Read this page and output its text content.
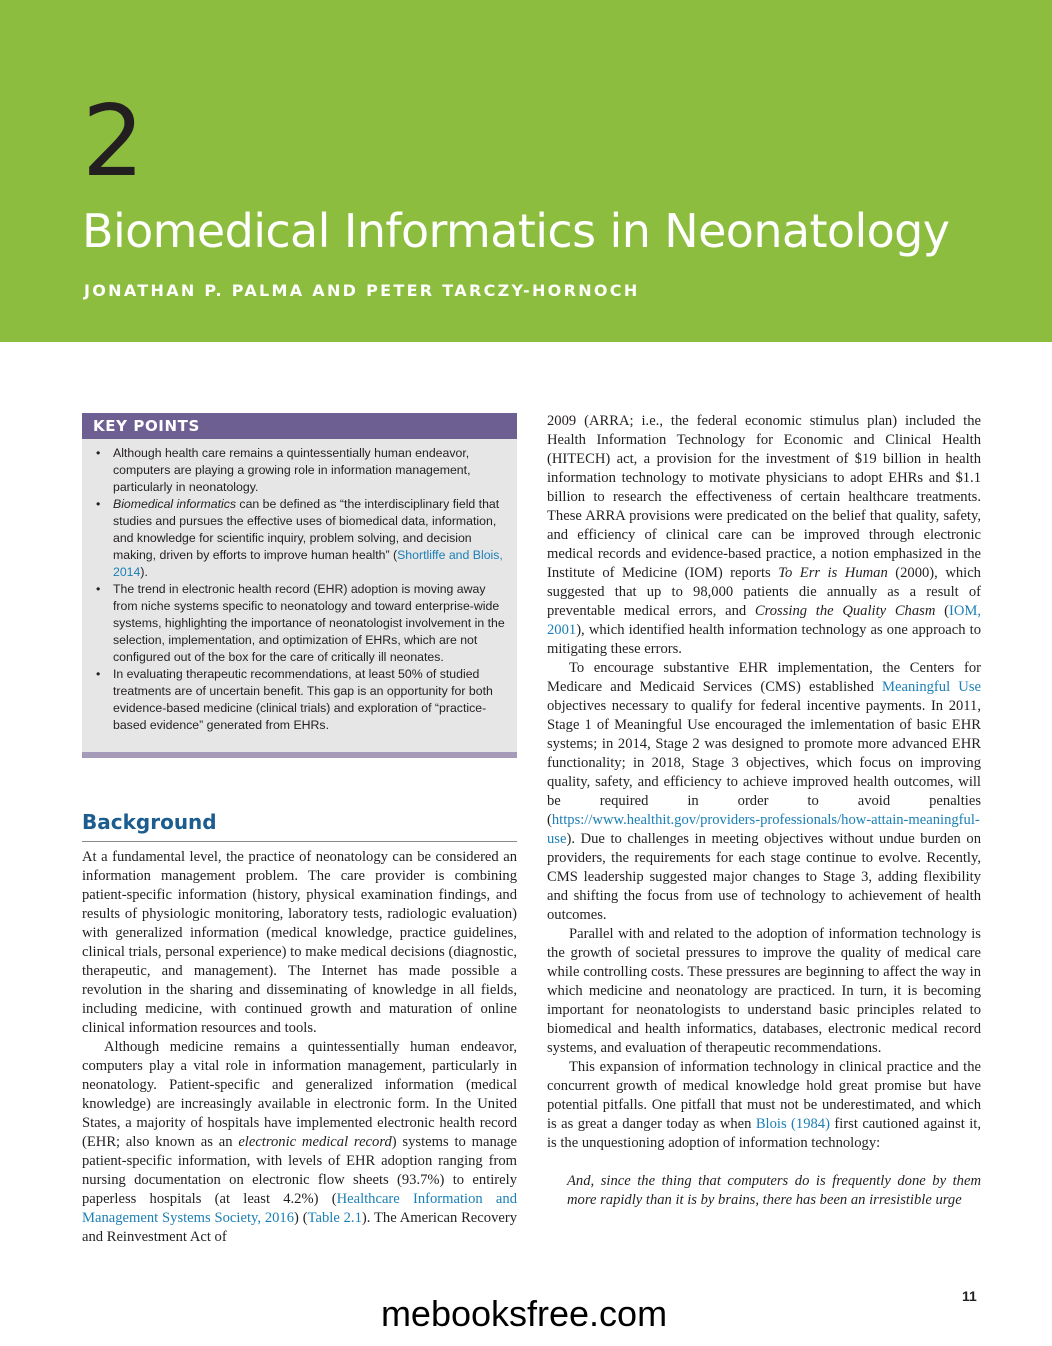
2
Biomedical Informatics in Neonatology
JONATHAN P. PALMA AND PETER TARCZY-HORNOCH
KEY POINTS
• Although health care remains a quintessentially human endeavor, computers are playing a growing role in information management, particularly in neonatology.
• Biomedical informatics can be defined as “the interdisciplinary field that studies and pursues the effective uses of biomedical data, information, and knowledge for scientific inquiry, problem solving, and decision making, driven by efforts to improve human health” (Shortliffe and Blois, 2014).
• The trend in electronic health record (EHR) adoption is moving away from niche systems specific to neonatology and toward enterprise-wide systems, highlighting the importance of neonatologist involvement in the selection, implementation, and optimization of EHRs, which are not configured out of the box for the care of critically ill neonates.
• In evaluating therapeutic recommendations, at least 50% of studied treatments are of uncertain benefit. This gap is an opportunity for both evidence-based medicine (clinical trials) and exploration of “practice-based evidence” generated from EHRs.
Background

At a fundamental level, the practice of neonatology can be considered an information management problem. The care provider is combining patient-specific information (history, physical examination findings, and results of physiologic monitoring, laboratory tests, radiologic evaluation) with generalized information (medical knowledge, practice guidelines, clinical trials, personal experience) to make medical decisions (diagnostic, therapeutic, and management). The Internet has made possible a revolution in the sharing and disseminating of knowledge in all fields, including medicine, with continued growth and maturation of online clinical information resources and tools.

Although medicine remains a quintessentially human endeavor, computers play a vital role in information management, particularly in neonatology. Patient-specific and generalized information (medical knowledge) are increasingly available in electronic form. In the United States, a majority of hospitals have implemented electronic health record (EHR; also known as an electronic medical record) systems to manage patient-specific information, with levels of EHR adoption ranging from nursing documentation on electronic flow sheets (93.7%) to entirely paperless hospitals (at least 4.2%) (Healthcare Information and Management Systems Society, 2016) (Table 2.1). The American Recovery and Reinvestment Act of

2009 (ARRA; i.e., the federal economic stimulus plan) included the Health Information Technology for Economic and Clinical Health (HITECH) act, a provision for the investment of $19 billion in health information technology to motivate physicians to adopt EHRs and $1.1 billion to research the effectiveness of certain healthcare treatments. These ARRA provisions were predicated on the belief that quality, safety, and efficiency of clinical care can be improved through electronic medical records and evidence-based practice, a notion emphasized in the Institute of Medicine (IOM) reports To Err is Human (2000), which suggested that up to 98,000 patients die annually as a result of preventable medical errors, and Crossing the Quality Chasm (IOM, 2001), which identified health information technology as one approach to mitigating these errors.

To encourage substantive EHR implementation, the Centers for Medicare and Medicaid Services (CMS) established Meaningful Use objectives necessary to qualify for federal incentive payments. In 2011, Stage 1 of Meaningful Use encouraged the imlementation of basic EHR systems; in 2014, Stage 2 was designed to promote more advanced EHR functionality; in 2018, Stage 3 objectives, which focus on improving quality, safety, and efficiency to achieve improved health outcomes, will be required in order to avoid penalties (https://www.healthit.gov/providers-professionals/how-attain-meaningful-use). Due to challenges in meeting objectives without undue burden on providers, the requirements for each stage continue to evolve. Recently, CMS leadership suggested major changes to Stage 3, adding flexibility and shifting the focus from use of technology to achievement of health outcomes.

Parallel with and related to the adoption of information technology is the growth of societal pressures to improve the quality of medical care while controlling costs. These pressures are beginning to affect the way in which medicine and neonatology are practiced. In turn, it is becoming important for neonatologists to understand basic principles related to biomedical and health informatics, databases, electronic medical record systems, and evaluation of therapeutic recommendations.

This expansion of information technology in clinical practice and the concurrent growth of medical knowledge hold great promise but have potential pitfalls. One pitfall that must not be underestimated, and which is as great a danger today as when Blois (1984) first cautioned against it, is the unquestioning adoption of information technology:

And, since the thing that computers do is frequently done by them more rapidly than it is by brains, there has been an irresistible urge

11
mebooksfree.com
